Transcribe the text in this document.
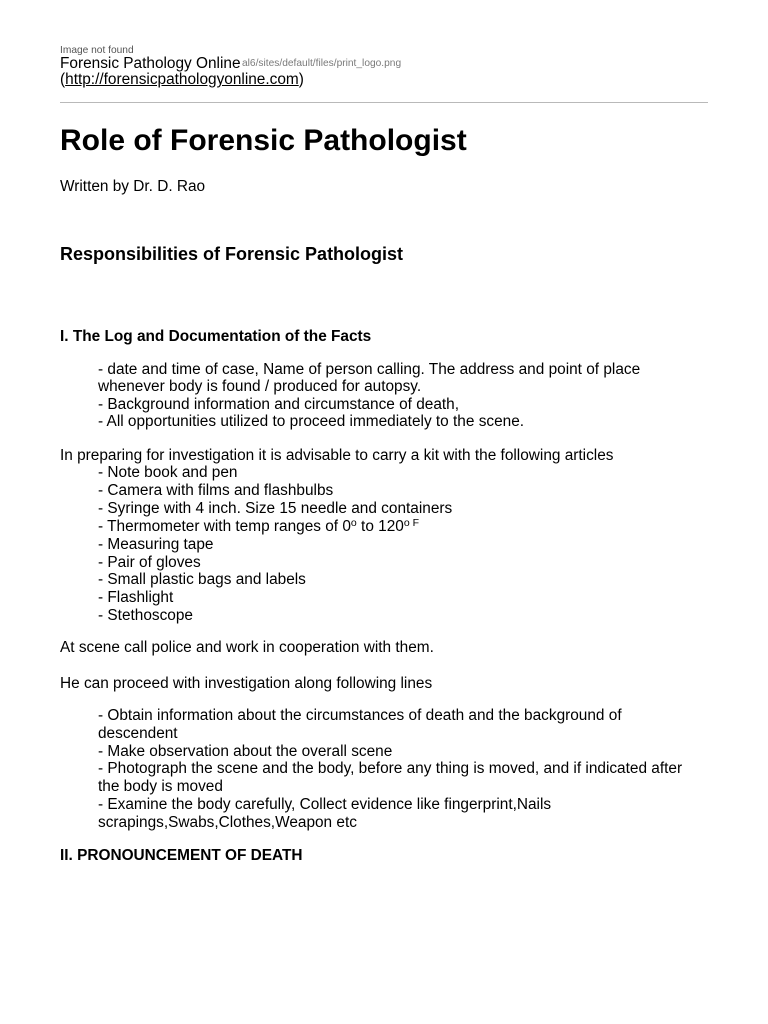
Image not found
al6/sites/default/files/print_logo.png
Forensic Pathology Online
(http://forensicpathologyonline.com)
Role of Forensic Pathologist
Written by Dr. D. Rao
Responsibilities of Forensic Pathologist
I. The Log and Documentation of the Facts
- date and time of case, Name of person calling. The address and point of place
whenever body is found / produced for autopsy.
- Background information and circumstance of death,
- All opportunities utilized to proceed immediately to the scene.
In preparing for investigation it is advisable to carry a kit with the following articles
- Note book and pen
- Camera with films and flashbulbs
- Syringe with 4 inch. Size 15 needle and containers
- Thermometer with temp ranges of 0$^o$ to $120^{o F}$
- Measuring tape
- Pair of gloves
- Small plastic bags and labels
- Flashlight
- Stethoscope
At scene call police and work in cooperation with them.
He can proceed with investigation along following lines
- Obtain information about the circumstances of death and the background of
descendent
- Make observation about the overall scene
- Photograph the scene and the body, before any thing is moved, and if indicated after
the body is moved
- Examine the body carefully, Collect evidence like fingerprint,Nails
scrapings,Swabs,Clothes,Weapon etc
II. PRONOUNCEMENT OF DEATH
